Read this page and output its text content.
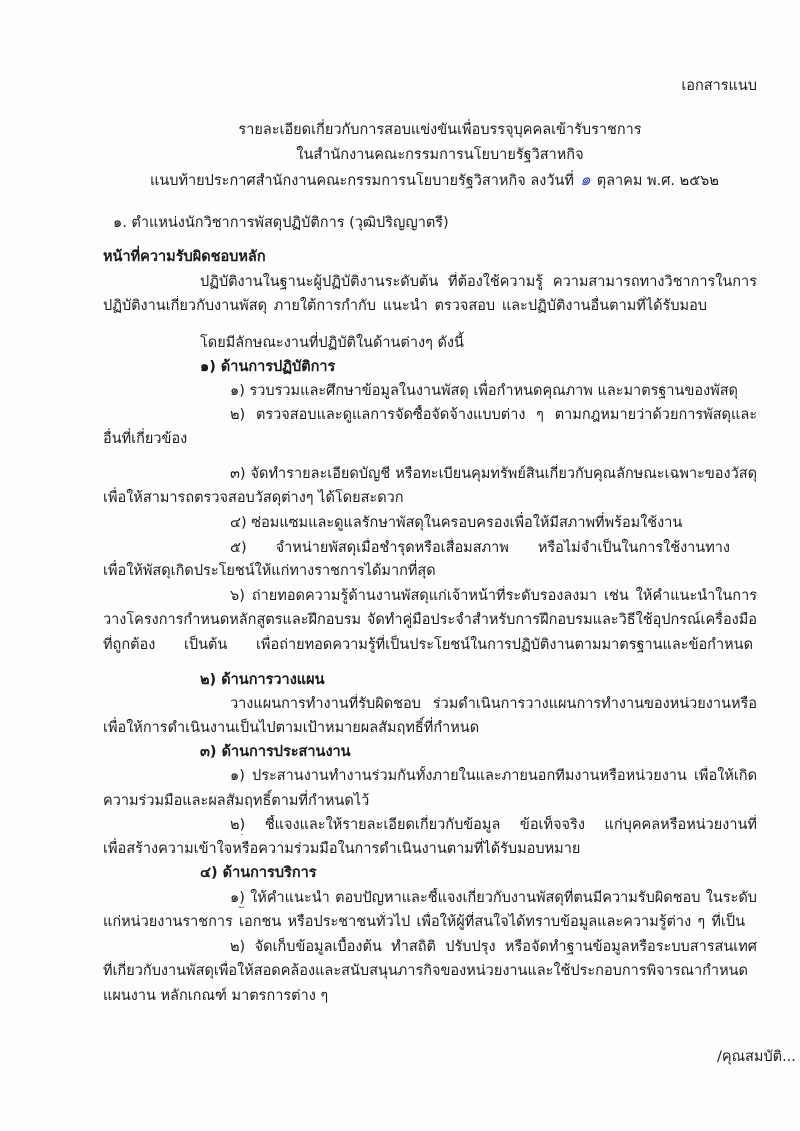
เอกสารแนบ
รายละเอียดเกี่ยวกับการสอบแข่งขันเพื่อบรรจุบุคคลเข้ารับราชการ
ในสำนักงานคณะกรรมการนโยบายรัฐวิสาหกิจ
แนบท้ายประกาศสำนักงานคณะกรรมการนโยบายรัฐวิสาหกิจ ลงวันที่ ๑ ตุลาคม พ.ศ. ๒๕๖๒
๑. ตำแหน่งนักวิชาการพัสดุปฏิบัติการ (วุฒิปริญญาตรี)
หน้าที่ความรับผิดชอบหลัก
ปฏิบัติงานในฐานะผู้ปฏิบัติงานระดับต้น ที่ต้องใช้ความรู้ ความสามารถทางวิชาการในการ
ปฏิบัติงานเกี่ยวกับงานพัสดุ ภายใต้การกำกับ แนะนำ ตรวจสอบ และปฏิบัติงานอื่นตามที่ได้รับมอบ
โดยมีลักษณะงานที่ปฏิบัติในด้านต่างๆ ดังนี้
๑) ด้านการปฏิบัติการ
๑) รวบรวมและศึกษาข้อมูลในงานพัสดุ เพื่อกำหนดคุณภาพ และมาตรฐานของพัสดุ
๒) ตรวจสอบและดูแลการจัดซื้อจัดจ้างแบบต่าง ๆ ตามกฎหมายว่าด้วยการพัสดุและ
อื่นที่เกี่ยวข้อง
๓) จัดทำรายละเอียดบัญชี หรือทะเบียนคุมทรัพย์สินเกี่ยวกับคุณลักษณะเฉพาะของวัสดุ
เพื่อให้สามารถตรวจสอบวัสดุต่างๆ ได้โดยสะดวก
๔) ซ่อมแซมและดูแลรักษาพัสดุในครอบครองเพื่อให้มีสภาพที่พร้อมใช้งาน
๕) จำหน่ายพัสดุเมื่อชำรุดหรือเสื่อมสภาพ หรือไม่จำเป็นในการใช้งานทาง
เพื่อให้พัสดุเกิดประโยชน์ให้แก่ทางราชการได้มากที่สุด
๖) ถ่ายทอดความรู้ด้านงานพัสดุแก่เจ้าหน้าที่ระดับรองลงมา เช่น ให้คำแนะนำในการ
วางโครงการกำหนดหลักสูตรและฝึกอบรม จัดทำคู่มือประจำสำหรับการฝึกอบรมและวิธีใช้อุปกรณ์เครื่องมือ
ที่ถูกต้อง เป็นต้น เพื่อถ่ายทอดความรู้ที่เป็นประโยชน์ในการปฏิบัติงานตามมาตรฐานและข้อกำหนด
๒) ด้านการวางแผน
วางแผนการทำงานที่รับผิดชอบ ร่วมดำเนินการวางแผนการทำงานของหน่วยงานหรือ
เพื่อให้การดำเนินงานเป็นไปตามเป้าหมายผลสัมฤทธิ์ที่กำหนด
๓) ด้านการประสานงาน
๑) ประสานงานทำงานร่วมกันทั้งภายในและภายนอกทีมงานหรือหน่วยงาน เพื่อให้เกิด
ความร่วมมือและผลสัมฤทธิ์ตามที่กำหนดไว้
๒) ชี้แจงและให้รายละเอียดเกี่ยวกับข้อมูล ข้อเท็จจริง แก่บุคคลหรือหน่วยงานที่
เพื่อสร้างความเข้าใจหรือความร่วมมือในการดำเนินงานตามที่ได้รับมอบหมาย
๔) ด้านการบริการ
๑) ให้คำแนะนำ ตอบปัญหาและชี้แจงเกี่ยวกับงานพัสดุที่ตนมีความรับผิดชอบ ในระดับ
แก่หน่วยงานราชการ เอกชน หรือประชาชนทั่วไป เพื่อให้ผู้ที่สนใจได้ทราบข้อมูลและความรู้ต่าง ๆ ที่เป็น
๒) จัดเก็บข้อมูลเบื้องต้น ทำสถิติ ปรับปรุง หรือจัดทำฐานข้อมูลหรือระบบสารสนเทศ
ที่เกี่ยวกับงานพัสดุเพื่อให้สอดคล้องและสนับสนุนภารกิจของหน่วยงานและใช้ประกอบการพิจารณากำหนด
แผนงาน หลักเกณฑ์ มาตรการต่าง ๆ
/คุณสมบัติ...
